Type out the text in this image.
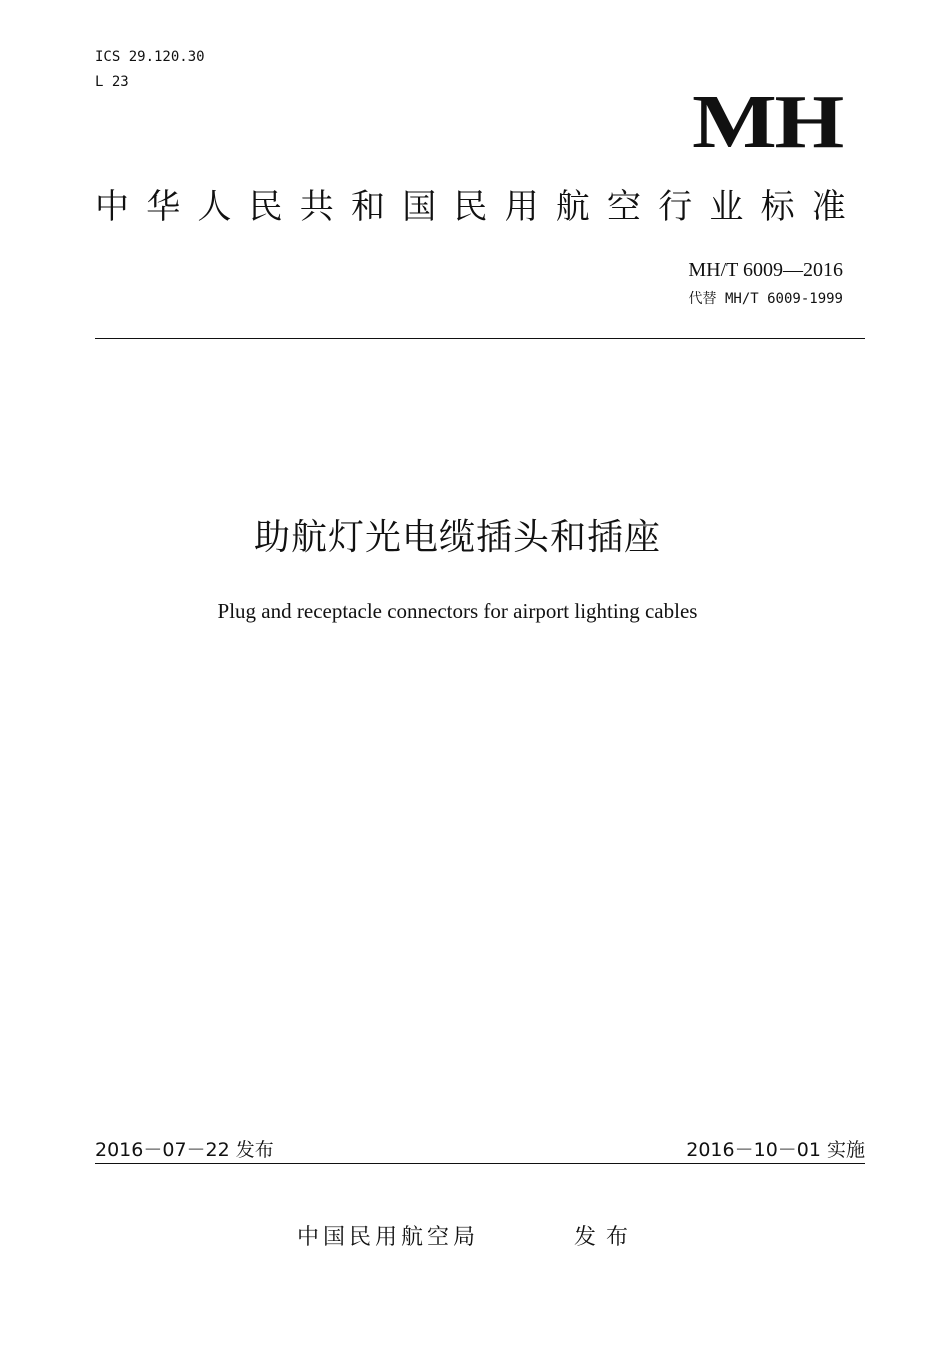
ICS 29.120.30
L 23	MH
中华人民共和国民用航空行业标准
MH/T 6009—2016
代替 MH/T 6009-1999
助航灯光电缆插头和插座
Plug and receptacle connectors for airport lighting cables
2016－07－22 发布	2016－10－01 实施
中国民用航空局	发布
